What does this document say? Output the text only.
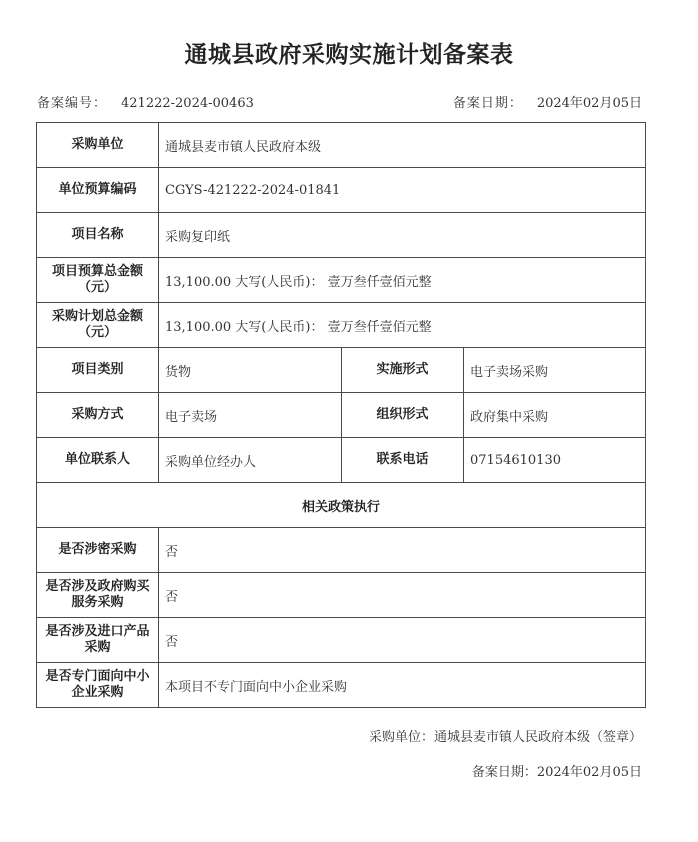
通城县政府采购实施计划备案表
备案编号： 421222-2024-00463	备案日期： 2024年02月05日
采购单位	通城县麦市镇人民政府本级		
单位预算编码	CGYS-421222-2024-01841		
项目名称	采购复印纸		
项目预算总金额（元）	13,100.00 大写(人民币)： 壹万叁仟壹佰元整		
采购计划总金额（元）	13,100.00 大写(人民币)： 壹万叁仟壹佰元整		
项目类别	货物	实施形式	电子卖场采购
采购方式	电子卖场	组织形式	政府集中采购
单位联系人	采购单位经办人	联系电话	07154610130
相关政策执行			
是否涉密采购	否		
是否涉及政府购买服务采购	否		
是否涉及进口产品采购	否		
是否专门面向中小企业采购	本项目不专门面向中小企业采购		
采购单位：通城县麦市镇人民政府本级（签章）
备案日期：2024年02月05日
